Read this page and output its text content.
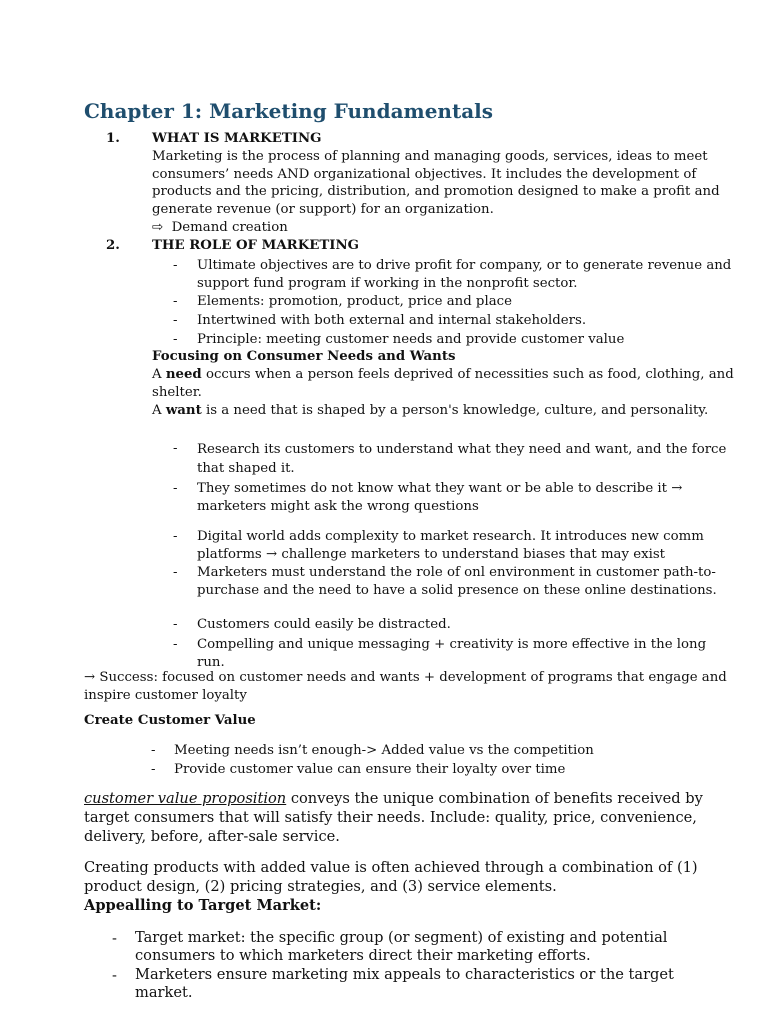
Chapter 1: Marketing Fundamentals
1. WHAT IS MARKETING

Marketing is the process of planning and managing goods, services, ideas to meet consumers’ needs AND organizational objectives. It includes the development of products and the pricing, distribution, and promotion designed to make a profit and generate revenue (or support) for an organization.

⇨ Demand creation
2. THE ROLE OF MARKETING
- Ultimate objectives are to drive profit for company, or to generate revenue and support fund program if working in the nonprofit sector.
- Elements: promotion, product, price and place
- Intertwined with both external and internal stakeholders.
- Principle: meeting customer needs and provide customer value
Focusing on Consumer Needs and Wants

A need occurs when a person feels deprived of necessities such as food, clothing, and shelter.

A want is a need that is shaped by a person's knowledge, culture, and personality.

- Research its customers to understand what they need and want, and the force that shaped it.
- They sometimes do not know what they want or be able to describe it → marketers might ask the wrong questions
- Digital world adds complexity to market research. It introduces new comm platforms → challenge marketers to understand biases that may exist
- Marketers must understand the role of onl environment in customer path-to- purchase and the need to have a solid presence on these online destinations.
- Customers could easily be distracted.
- Compelling and unique messaging + creativity is more effective in the long run.

→ Success: focused on customer needs and wants + development of programs that engage and inspire customer loyalty

Create Customer Value
- Meeting needs isn’t enough-> Added value vs the competition
- Provide customer value can ensure their loyalty over time

customer value proposition conveys the unique combination of benefits received by target consumers that will satisfy their needs. Include: quality, price, convenience, delivery, before, after-sale service.

Creating products with added value is often achieved through a combination of (1) product design, (2) pricing strategies, and (3) service elements.

Appealling to Target Market:
- Target market: the specific group (or segment) of existing and potential consumers to which marketers direct their marketing efforts.
- Marketers ensure marketing mix appeals to characteristics or the target market.
